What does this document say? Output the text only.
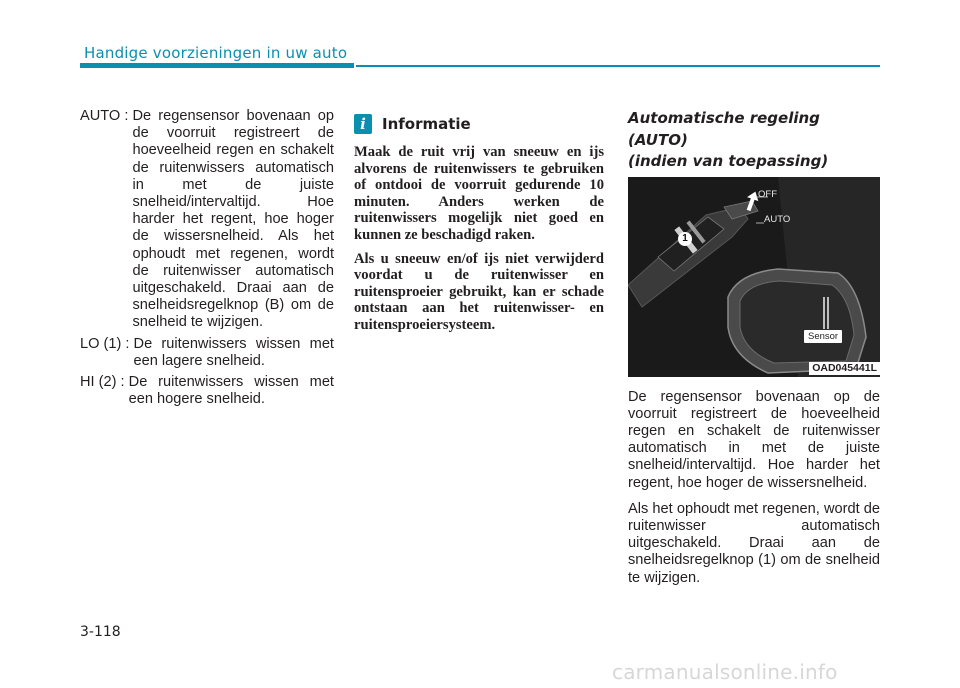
Handige voorzieningen in uw auto
AUTO : De regensensor bovenaan op de voorruit registreert de hoeveelheid regen en schakelt de ruitenwissers automatisch in met de juiste snelheid/intervaltijd. Hoe harder het regent, hoe hoger de wissersnelheid. Als het ophoudt met regenen, wordt de ruitenwisser automatisch uitgeschakeld. Draai aan de snelheidsregelknop (B) om de snelheid te wijzigen.
LO (1) : De ruitenwissers wissen met een lagere snelheid.
HI (2) : De ruitenwissers wissen met een hogere snelheid.
i	Informatie

Maak de ruit vrij van sneeuw en ijs alvorens de ruitenwissers te gebruiken of ontdooi de voorruit gedurende 10 minuten. Anders werken de ruitenwissers mogelijk niet goed en kunnen ze beschadigd raken.

Als u sneeuw en/of ijs niet verwijderd voordat u de ruitenwisser en ruitensproeier gebruikt, kan er schade ontstaan aan het ruitenwisser- en ruitensproeiersysteem.

Automatische regeling (AUTO)

(indien van toepassing)

OFF
AUTO
1
Sensor
OAD045441L

De regensensor bovenaan op de voorruit registreert de hoeveelheid regen en schakelt de ruitenwisser automatisch in met de juiste snelheid/intervaltijd. Hoe harder het regent, hoe hoger de wissersnelheid.

Als het ophoudt met regenen, wordt de ruitenwisser automatisch uitgeschakeld. Draai aan de snelheidsregelknop (1) om de snelheid te wijzigen.

3-118
carmanualsonline.info
